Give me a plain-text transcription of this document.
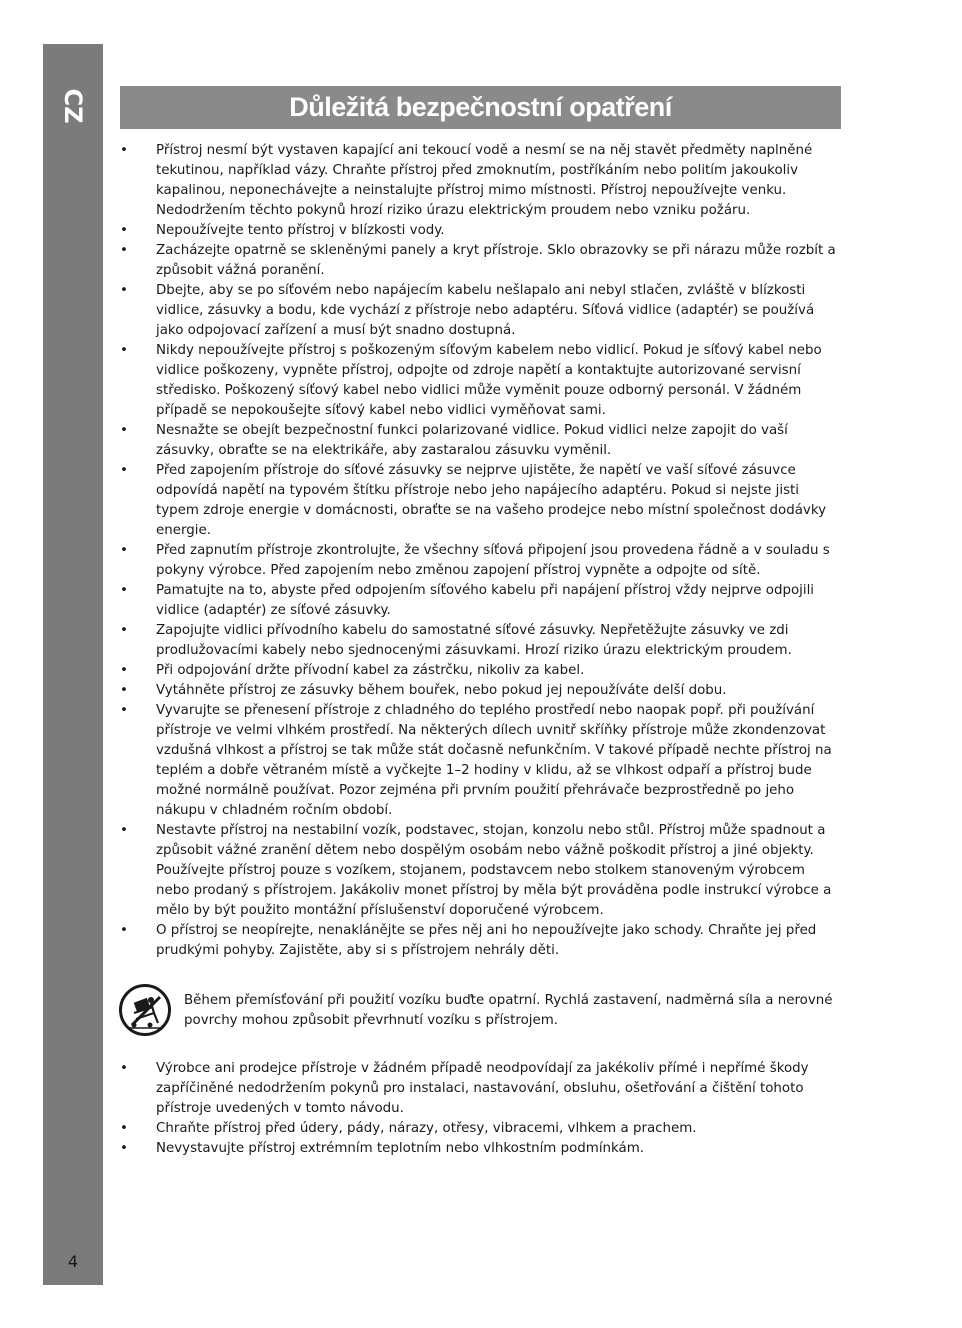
CZ
4
Důležitá bezpečnostní opatření
• Přístroj nesmí být vystaven kapající ani tekoucí vodě a nesmí se na něj stavět předměty naplněné tekutinou, například vázy. Chraňte přístroj před zmoknutím, postříkáním nebo politím jakoukoliv kapalinou, neponechávejte a neinstalujte přístroj mimo místnosti. Přístroj nepoužívejte venku. Nedodržením těchto pokynů hrozí riziko úrazu elektrickým proudem nebo vzniku požáru.
• Nepoužívejte tento přístroj v blízkosti vody.
• Zacházejte opatrně se skleněnými panely a kryt přístroje. Sklo obrazovky se při nárazu může rozbít a způsobit vážná poranění.
• Dbejte, aby se po síťovém nebo napájecím kabelu nešlapalo ani nebyl stlačen, zvláště v blízkosti vidlice, zásuvky a bodu, kde vychází z přístroje nebo adaptéru. Síťová vidlice (adaptér) se používá jako odpojovací zařízení a musí být snadno dostupná.
• Nikdy nepoužívejte přístroj s poškozeným síťovým kabelem nebo vidlicí. Pokud je síťový kabel nebo vidlice poškozeny, vypněte přístroj, odpojte od zdroje napětí a kontaktujte autorizované servisní středisko. Poškozený síťový kabel nebo vidlici může vyměnit pouze odborný personál. V žádném případě se nepokoušejte síťový kabel nebo vidlici vyměňovat sami.
• Nesnažte se obejít bezpečnostní funkci polarizované vidlice. Pokud vidlici nelze zapojit do vaší zásuvky, obraťte se na elektrikáře, aby zastaralou zásuvku vyměnil.
• Před zapojením přístroje do síťové zásuvky se nejprve ujistěte, že napětí ve vaší síťové zásuvce odpovídá napětí na typovém štítku přístroje nebo jeho napájecího adaptéru. Pokud si nejste jisti typem zdroje energie v domácnosti, obraťte se na vašeho prodejce nebo místní společnost dodávky energie.
• Před zapnutím přístroje zkontrolujte, že všechny síťová připojení jsou provedena řádně a v souladu s pokyny výrobce. Před zapojením nebo změnou zapojení přístroj vypněte a odpojte od sítě.
• Pamatujte na to, abyste před odpojením síťového kabelu při napájení přístroj vždy nejprve odpojili vidlice (adaptér) ze síťové zásuvky.
• Zapojujte vidlici přívodního kabelu do samostatné síťové zásuvky. Nepřetěžujte zásuvky ve zdi prodlužovacími kabely nebo sjednocenými zásuvkami. Hrozí riziko úrazu elektrickým proudem.
• Při odpojování držte přívodní kabel za zástrčku, nikoliv za kabel.
• Vytáhněte přístroj ze zásuvky během bouřek, nebo pokud jej nepoužíváte delší dobu.
• Vyvarujte se přenesení přístroje z chladného do teplého prostředí nebo naopak popř. při používání přístroje ve velmi vlhkém prostředí. Na některých dílech uvnitř skříňky přístroje může zkondenzovat vzdušná vlhkost a přístroj se tak může stát dočasně nefunkčním. V takové případě nechte přístroj na teplém a dobře větraném místě a vyčkejte 1–2 hodiny v klidu, až se vlhkost odpaří a přístroj bude možné normálně používat. Pozor zejména při prvním použití přehrávače bezprostředně po jeho nákupu v chladném ročním období.
• Nestavte přístroj na nestabilní vozík, podstavec, stojan, konzolu nebo stůl. Přístroj může spadnout a způsobit vážné zranění dětem nebo dospělým osobám nebo vážně poškodit přístroj a jiné objekty. Používejte přístroj pouze s vozíkem, stojanem, podstavcem nebo stolkem stanoveným výrobcem nebo prodaný s přístrojem. Jakákoliv monet přístroj by měla být prováděna podle instrukcí výrobce a mělo by být použito montážní příslušenství doporučené výrobcem.
• O přístroj se neopírejte, nenaklánějte se přes něj ani ho nepoužívejte jako schody. Chraňte jej před prudkými pohyby. Zajistěte, aby si s přístrojem nehrály děti.
Během přemísťování při použití vozíku buďte opatrní. Rychlá zastavení, nadměrná síla a nerovné povrchy mohou způsobit převrhnutí vozíku s přístrojem.
• Výrobce ani prodejce přístroje v žádném případě neodpovídají za jakékoliv přímé i nepřímé škody zapříčiněné nedodržením pokynů pro instalaci, nastavování, obsluhu, ošetřování a čištění tohoto přístroje uvedených v tomto návodu.
• Chraňte přístroj před údery, pády, nárazy, otřesy, vibracemi, vlhkem a prachem.
• Nevystavujte přístroj extrémním teplotním nebo vlhkostním podmínkám.
